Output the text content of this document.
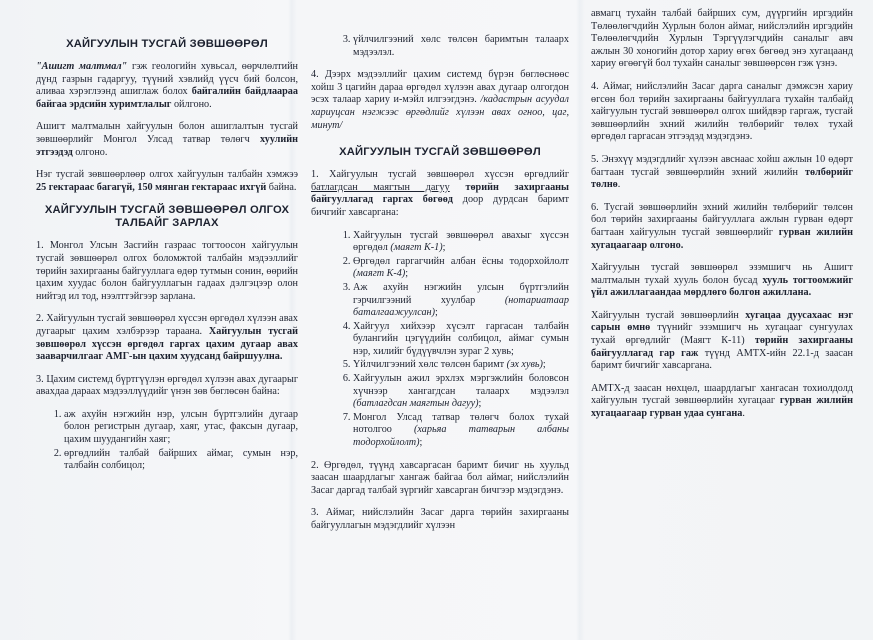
ХАЙГУУЛЫН ТУСГАЙ ЗӨВШӨӨРӨЛ

"Ашигт малтмал" гэж геологийн хувьсал, өөрчлөлтийн дүнд газрын гадаргуу, түүний хэвлийд үүсч бий болсон, аливаа хэрэглээнд ашиглаж болох байгалийн байдлаараа байгаа эрдсийн хуримтлалыг ойлгоно.

Ашигт малтмалын хайгуулын болон ашиглалтын тусгай зөвшөөрлийг Монгол Улсад татвар төлөгч хуулийн этгээдэд олгоно.

Нэг тусгай зөвшөөрлөөр олгох хайгуулын талбайн хэмжээ 25 гектараас багагүй, 150 мянган гектараас ихгүй байна.

ХАЙГУУЛЫН ТУСГАЙ ЗӨВШӨӨРӨЛ ОЛГОХ ТАЛБАЙГ ЗАРЛАХ

1. Монгол Улсын Засгийн газраас тогтоосон хайгуулын тусгай зөвшөөрөл олгох боломжтой талбайн мэдээллийг төрийн захиргааны байгууллага өдөр тутмын сонин, өөрийн цахим хуудас болон байгууллагын гадаах дэлгэцээр олон нийтэд ил тод, нээлттэйгээр зарлана.

2. Хайгуулын тусгай зөвшөөрөл хүссэн өргөдөл хүлээн авах дугаарыг цахим хэлбэрээр тараана. Хайгуулын тусгай зөвшөөрөл хүссэн өргөдөл гаргах цахим дугаар авах зааварчилгааг АМГ-ын цахим хуудсанд байршуулна.

3. Цахим системд бүртгүүлэн өргөдөл хүлээн авах дугаарыг авахдаа дараах мэдээллүүдийг үнэн зөв бөглөсөн байна:

1. аж ахуйн нэгжийн нэр, улсын бүртгэлийн дугаар болон регистрын дугаар, хаяг, утас, факсын дугаар, цахим шуудангийн хаяг;
2. өргөдлийн талбай байрших аймаг, сумын нэр, талбайн солбицол;
3. үйлчилгээний хөлс төлсөн баримтын талаарх мэдээлэл.

4. Дээрх мэдээллийг цахим системд бүрэн бөглөснөөс хойш 3 цагийн дараа өргөдөл хүлээн авах дугаар олгогдон эсэх талаар хариу и-мэйл илгээгдэнэ. /кадастрын асуудал хариуцсан нэгжээс өргөдлийг хүлээн авах огноо, цаг, минут/

ХАЙГУУЛЫН ТУСГАЙ ЗӨВШӨӨРӨЛ

1. Хайгуулын тусгай зөвшөөрөл хүссэн өргөдлийг батлагдсан маягтын дагуу төрийн захиргааны байгууллагад гаргах бөгөөд доор дурдсан баримт бичгийг хавсаргана:

1. Хайгуулын тусгай зөвшөөрөл авахыг хүссэн өргөдөл (маягт К-1);
2. Өргөдөл гаргагчийн албан ёсны тодорхойлолт (маягт К-4);
3. Аж ахуйн нэгжийн улсын бүртгэлийн гэрчилгээний хуулбар (нотариатаар баталгаажуулсан);
4. Хайгуул хийхээр хүсэлт гаргасан талбайн булангийн цэгүүдийн солбицол, аймаг сумын нэр, хилийг бүдүүвчлэн зураг 2 хувь;
5. Үйлчилгээний хөлс төлсөн баримт (эх хувь);
6. Хайгуулын ажил эрхлэх мэргэжлийн боловсон хүчнээр хангагдсан талаарх мэдээлэл (батлагдсан маягтын дагуу);
7. Монгол Улсад татвар төлөгч болох тухай нотолгоо (харьяа татварын албаны тодорхойлолт);

2. Өргөдөл, түүнд хавсаргасан баримт бичиг нь хуульд заасан шаардлагыг хангаж байгаа бол аймаг, нийслэлийн Засаг даргад талбай зүргийг хавсарган бичгээр мэдэгдэнэ.

3. Аймаг, нийслэлийн Засаг дарга төрийн захиргааны байгууллагын мэдэгдлийг хүлээн

авмагц тухайн талбай байрших сум, дүүргийн иргэдийн Төлөөлөгчдийн Хурлын болон аймаг, нийслэлийн иргэдийн Төлөөлөгчдийн Хурлын Тэргүүлэгчдийн саналыг авч ажлын 30 хоногийн дотор хариу өгөх бөгөөд энэ хугацаанд хариу өгөөгүй бол тухайн саналыг зөвшөөрсөн гэж үзнэ.

4. Аймаг, нийслэлийн Засаг дарга саналыг дэмжсэн хариу өгсөн бол төрийн захиргааны байгууллага тухайн талбайд хайгуулын тусгай зөвшөөрөл олгох шийдвэр гаргаж, тусгай зөвшөөрлийн эхний жилийн төлбөрийг төлөх тухай өргөдөл гаргасан этгээдэд мэдэгдэнэ.

5. Энэхүү мэдэгдлийг хүлээн авснаас хойш ажлын 10 өдөрт багтаан тусгай зөвшөөрлийн эхний жилийн төлбөрийг төлнө.

6. Тусгай зөвшөөрлийн эхний жилийн төлбөрийг төлсөн бол төрийн захиргааны байгууллага ажлын гурван өдөрт багтаан хайгуулын тусгай зөвшөөрлийг гурван жилийн хугацаагаар олгоно.

Хайгуулын тусгай зөвшөөрөл эзэмшигч нь Ашигт малтмалын тухай хууль болон бусад хууль тогтоомжийг үйл ажиллагаандаа мөрдлөго болгон ажиллана.

Хайгуулын тусгай зөвшөөрлийн хугацаа дуусахаас нэг сарын өмнө түүнийг эзэмшигч нь хугацааг сунгуулах тухай өргөдлийг (Маягт К-11) төрийн захиргааны байгууллагад гар гаж түүнд АМТХ-ийн 22.1-д заасан баримт бичгийг хавсаргана.

АМТХ-д заасан нөхцөл, шаардлагыг хангасан тохиолдолд хайгуулын тусгай зөвшөөрлийн хугацааг гурван жилийн хугацаагаар гурван удаа сунгана.
